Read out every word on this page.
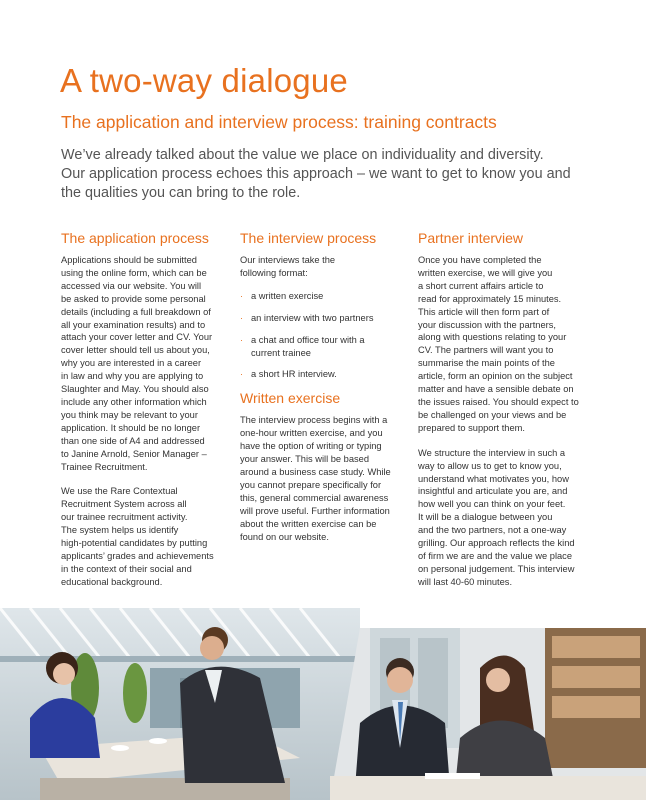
A two-way dialogue

The application and interview process: training contracts

We’ve already talked about the value we place on individuality and diversity.
Our application process echoes this approach – we want to get to know you and
the qualities you can bring to the role.

The application process

Applications should be submitted
using the online form, which can be
accessed via our website. You will
be asked to provide some personal
details (including a full breakdown of
all your examination results) and to
attach your cover letter and CV. Your
cover letter should tell us about you,
why you are interested in a career
in law and why you are applying to
Slaughter and May. You should also
include any other information which
you think may be relevant to your
application. It should be no longer
than one side of A4 and addressed
to Janine Arnold, Senior Manager –
Trainee Recruitment.

We use the Rare Contextual
Recruitment System across all
our trainee recruitment activity.
The system helps us identify
high-potential candidates by putting
applicants’ grades and achievements
in the context of their social and
educational background.

The interview process

Our interviews take the
following format:

· a written exercise
· an interview with two partners
· a chat and office tour with a
current trainee
· a short HR interview.
Written exercise

The interview process begins with a
one-hour written exercise, and you
have the option of writing or typing
your answer. This will be based
around a business case study. While
you cannot prepare specifically for
this, general commercial awareness
will prove useful. Further information
about the written exercise can be
found on our website.

Partner interview

Once you have completed the
written exercise, we will give you
a short current affairs article to
read for approximately 15 minutes.
This article will then form part of
your discussion with the partners,
along with questions relating to your
CV. The partners will want you to
summarise the main points of the
article, form an opinion on the subject
matter and have a sensible debate on
the issues raised. You should expect to
be challenged on your views and be
prepared to support them.

We structure the interview in such a
way to allow us to get to know you,
understand what motivates you, how
insightful and articulate you are, and
how well you can think on your feet.
It will be a dialogue between you
and the two partners, not a one-way
grilling. Our approach reflects the kind
of firm we are and the value we place
on personal judgement. This interview
will last 40-60 minutes.
